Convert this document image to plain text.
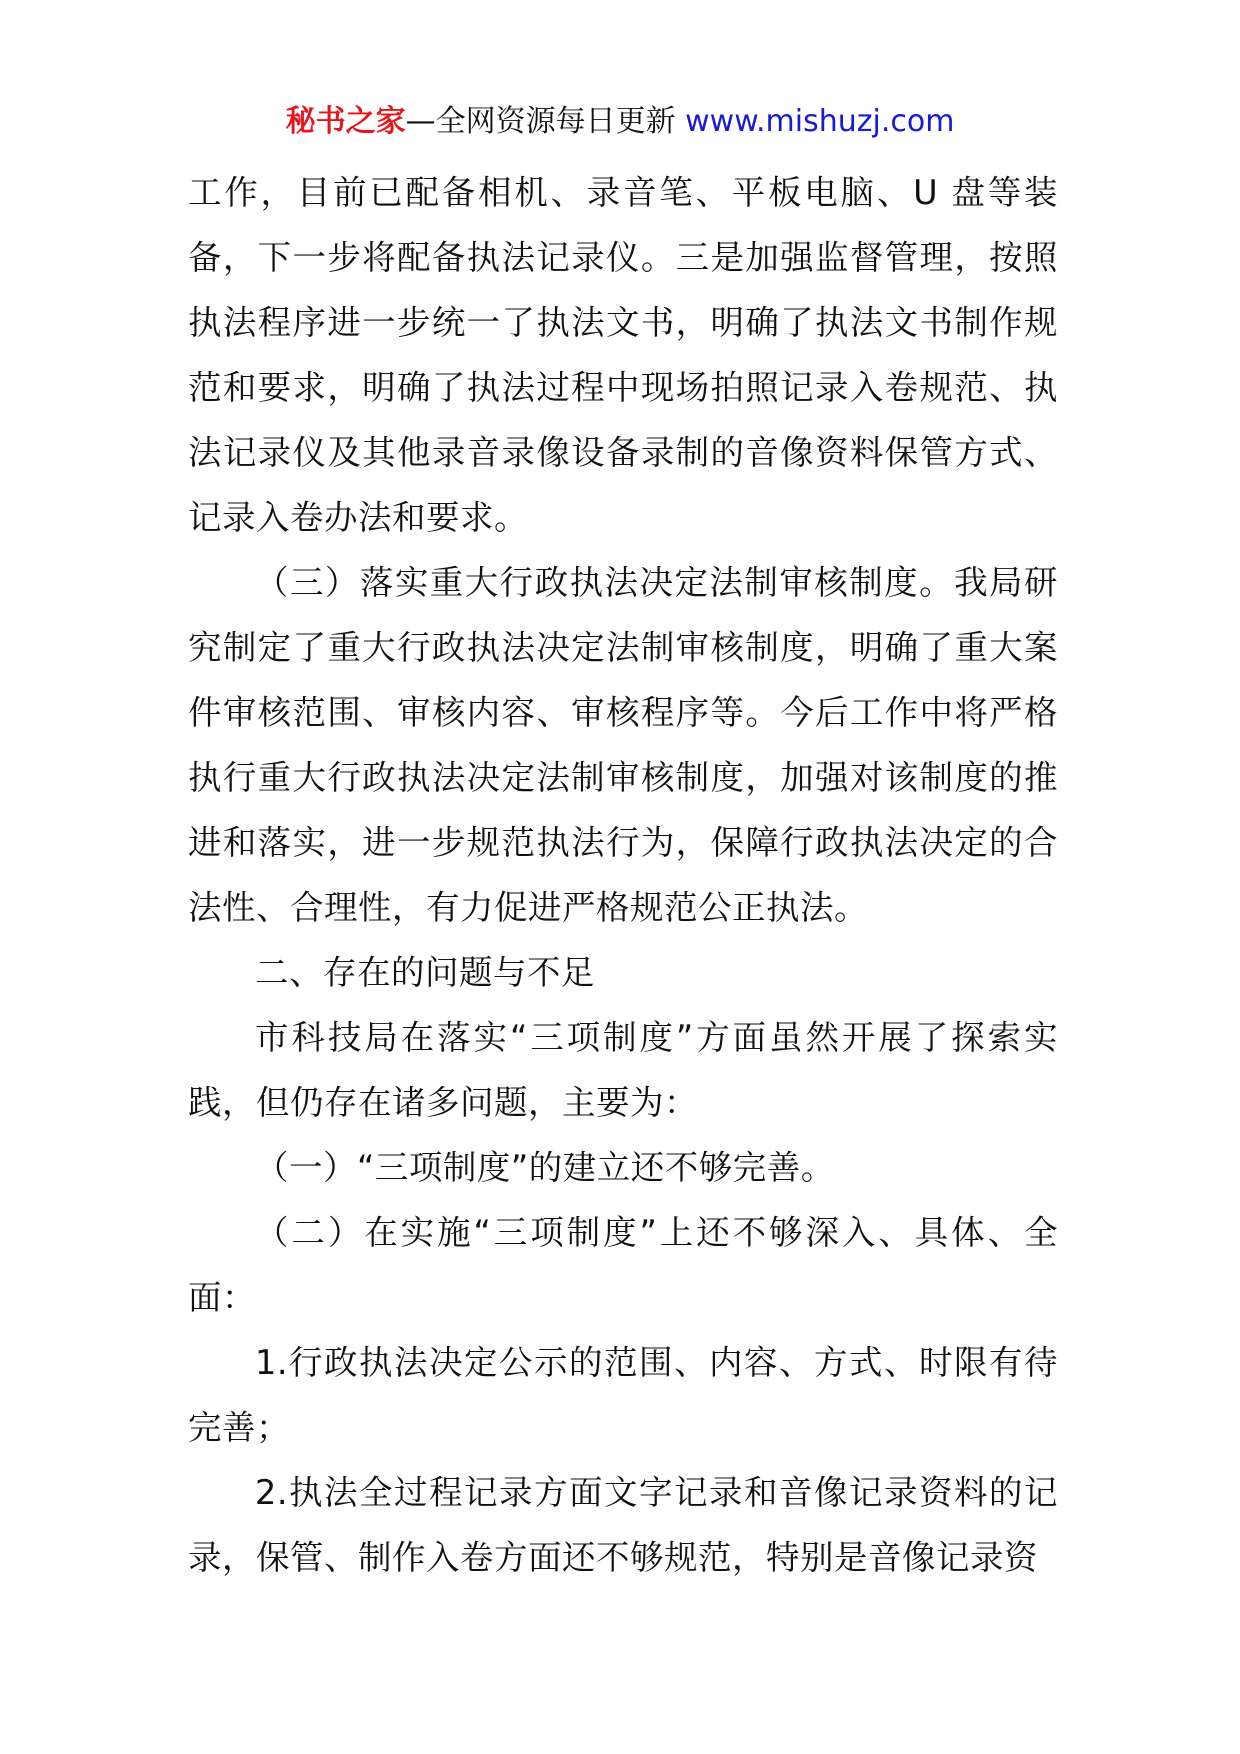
秘书之家—全网资源每日更新 www.mishuzj.com

工作，目前已配备相机、录音笔、平板电脑、U 盘等装备，下一步将配备执法记录仪。三是加强监督管理，按照执法程序进一步统一了执法文书，明确了执法文书制作规范和要求，明确了执法过程中现场拍照记录入卷规范、执法记录仪及其他录音录像设备录制的音像资料保管方式、记录入卷办法和要求。

（三）落实重大行政执法决定法制审核制度。我局研究制定了重大行政执法决定法制审核制度，明确了重大案件审核范围、审核内容、审核程序等。今后工作中将严格执行重大行政执法决定法制审核制度，加强对该制度的推进和落实，进一步规范执法行为，保障行政执法决定的合法性、合理性，有力促进严格规范公正执法。

二、存在的问题与不足

市科技局在落实“三项制度”方面虽然开展了探索实践，但仍存在诸多问题，主要为：

（一）“三项制度”的建立还不够完善。

（二）在实施“三项制度”上还不够深入、具体、全面：

1.行政执法决定公示的范围、内容、方式、时限有待完善；

2.执法全过程记录方面文字记录和音像记录资料的记录，保管、制作入卷方面还不够规范，特别是音像记录资
